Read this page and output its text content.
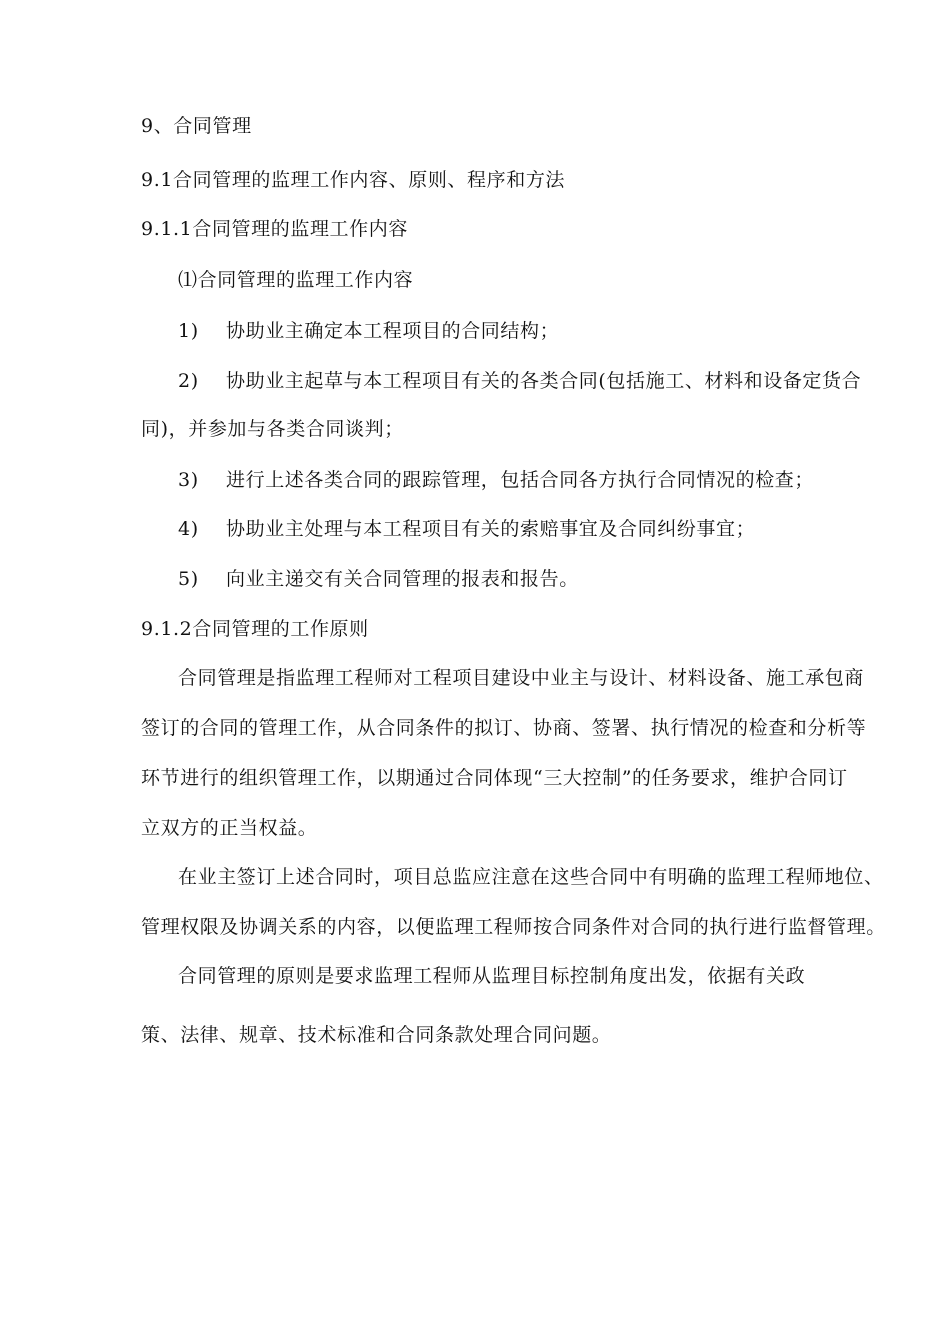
9、合同管理
9.1合同管理的监理工作内容、原则、程序和方法
9.1.1合同管理的监理工作内容
⑴合同管理的监理工作内容
1) 协助业主确定本工程项目的合同结构；
2) 协助业主起草与本工程项目有关的各类合同(包括施工、材料和设备定货合
同)，并参加与各类合同谈判；
3) 进行上述各类合同的跟踪管理，包括合同各方执行合同情况的检查；
4) 协助业主处理与本工程项目有关的索赔事宜及合同纠纷事宜；
5) 向业主递交有关合同管理的报表和报告。
9.1.2合同管理的工作原则
合同管理是指监理工程师对工程项目建设中业主与设计、材料设备、施工承包商
签订的合同的管理工作，从合同条件的拟订、协商、签署、执行情况的检查和分析等
环节进行的组织管理工作，以期通过合同体现“三大控制”的任务要求，维护合同订
立双方的正当权益。
在业主签订上述合同时，项目总监应注意在这些合同中有明确的监理工程师地位、
管理权限及协调关系的内容，以便监理工程师按合同条件对合同的执行进行监督管理。
合同管理的原则是要求监理工程师从监理目标控制角度出发，依据有关政
策、法律、规章、技术标准和合同条款处理合同问题。
